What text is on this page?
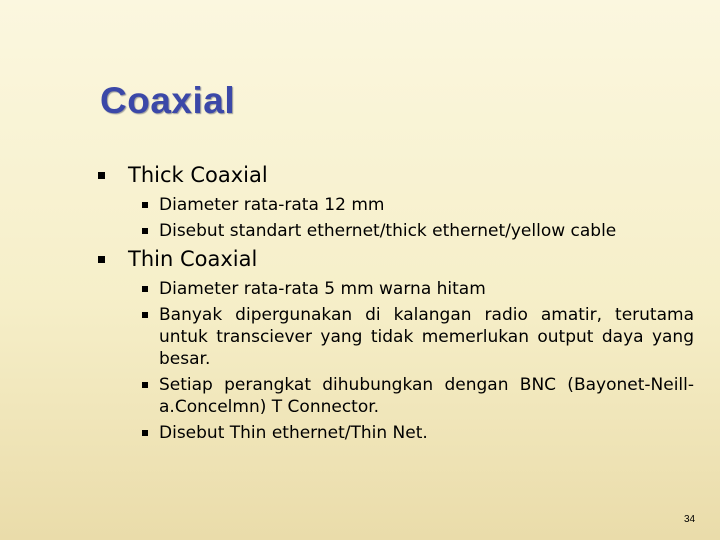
Coaxial
Thick Coaxial
Diameter rata-rata 12 mm
Disebut standart ethernet/thick ethernet/yellow cable
Thin Coaxial
Diameter rata-rata 5 mm warna hitam
Banyak dipergunakan di kalangan radio amatir, terutama untuk transciever yang tidak memerlukan output daya yang besar.
Setiap perangkat dihubungkan dengan BNC (Bayonet-Neill-a.Concelmn) T Connector.
Disebut Thin ethernet/Thin Net.
34
